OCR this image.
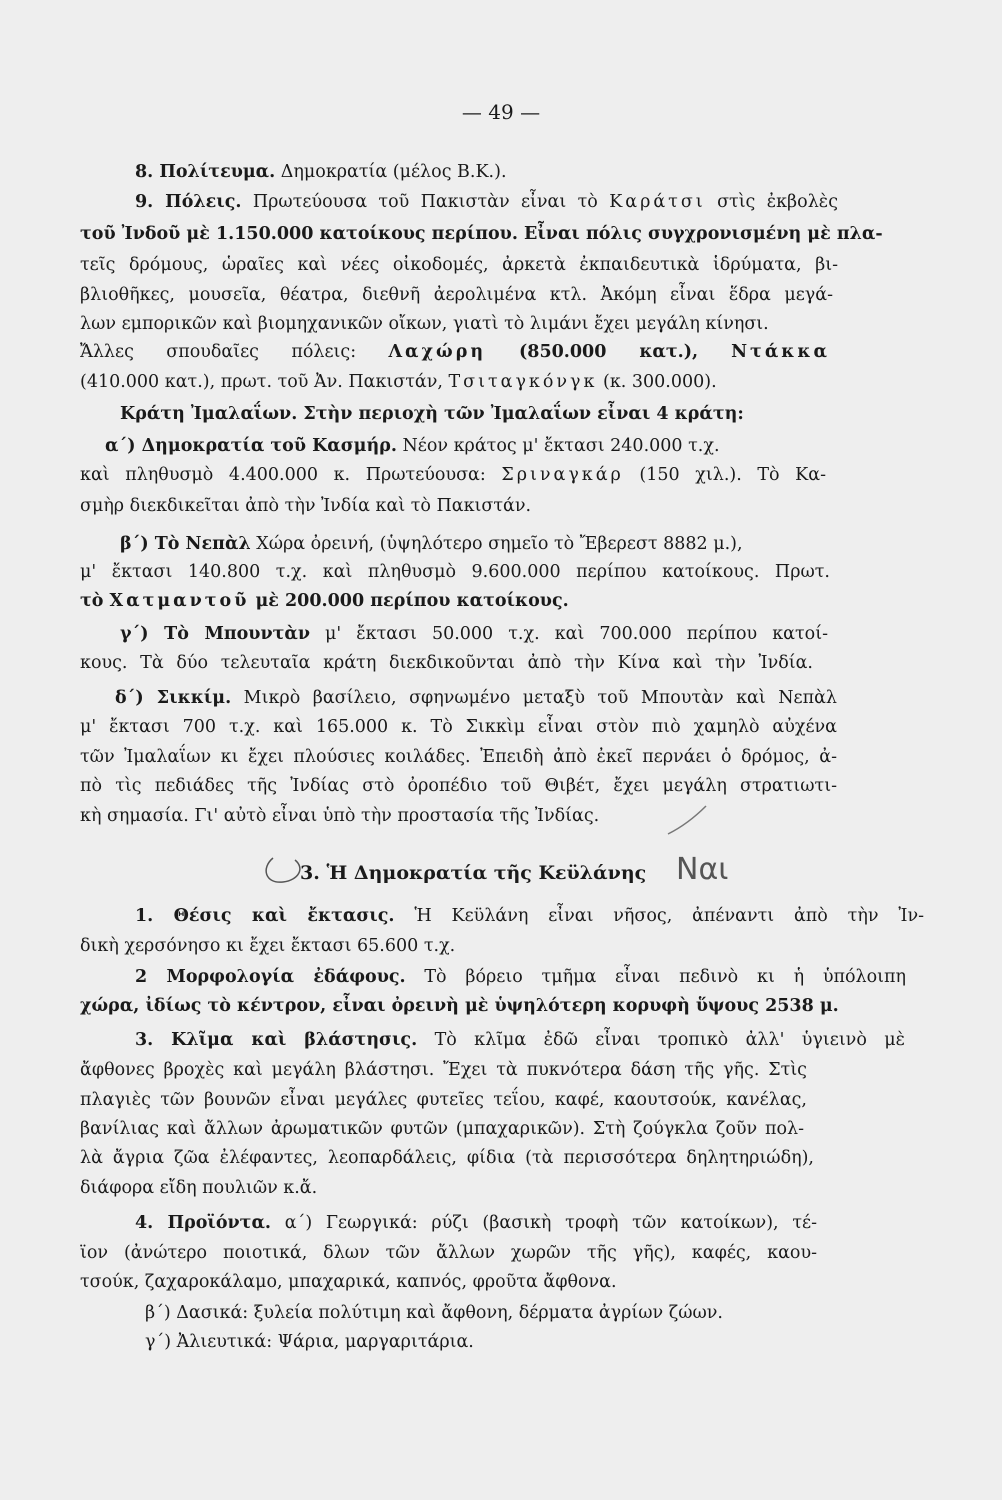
— 49 —
8. Πολίτευμα. Δημοκρατία (μέλος Β.Κ.).
9. Πόλεις. Πρωτεύουσα τοῦ Πακιστὰν εἶναι τὸ Καράτσι στὶς ἐκβολὲς
τοῦ Ἰνδοῦ μὲ 1.150.000 κατοίκους περίπου. Εἶναι πόλις συγχρονισμένη μὲ πλα-
τεῖς δρόμους, ὡραῖες καὶ νέες οἰκοδομές, ἀρκετὰ ἐκπαιδευτικὰ ἱδρύματα, βι-
βλιοθῆκες, μουσεῖα, θέατρα, διεθνῆ ἀερολιμένα κτλ. Ἀκόμη εἶναι ἕδρα μεγά-
λων εμπορικῶν καὶ βιομηχανικῶν οἴκων, γιατὶ τὸ λιμάνι ἔχει μεγάλη κίνησι.
Ἄλλες σπουδαῖες πόλεις: Λαχώρη (850.000 κατ.), Ντάκκα
(410.000 κατ.), πρωτ. τοῦ Ἀν. Πακιστάν, Τσιταγκόνγκ (κ. 300.000).
Κράτη Ἰμαλαΐων. Στὴν περιοχὴ τῶν Ἰμαλαΐων εἶναι 4 κράτη:
α΄) Δημοκρατία τοῦ Κασμήρ. Νέον κράτος μ' ἔκτασι 240.000 τ.χ.
καὶ πληθυσμὸ 4.400.000 κ. Πρωτεύουσα: Σριναγκάρ (150 χιλ.). Τὸ Κα-
σμὴρ διεκδικεῖται ἀπὸ τὴν Ἰνδία καὶ τὸ Πακιστάν.
β΄) Τὸ Νεπὰλ Χώρα ὀρεινή, (ὑψηλότερο σημεῖο τὸ Ἔβερεστ 8882 μ.),
μ' ἔκτασι 140.800 τ.χ. καὶ πληθυσμὸ 9.600.000 περίπου κατοίκους. Πρωτ.
τὸ Χατμαντοῦ μὲ 200.000 περίπου κατοίκους.
γ΄) Τὸ Μπουντὰν μ' ἔκτασι 50.000 τ.χ. καὶ 700.000 περίπου κατοί-
κους. Τὰ δύο τελευταῖα κράτη διεκδικοῦνται ἀπὸ τὴν Κίνα καὶ τὴν Ἰνδία.
δ΄) Σικκίμ. Μικρὸ βασίλειο, σφηνωμένο μεταξὺ τοῦ Μπουτὰν καὶ Νεπὰλ
μ' ἔκτασι 700 τ.χ. καὶ 165.000 κ. Τὸ Σικκὶμ εἶναι στὸν πιὸ χαμηλὸ αὐχένα
τῶν Ἰμαλαΐων κι ἔχει πλούσιες κοιλάδες. Ἐπειδὴ ἀπὸ ἐκεῖ περνάει ὁ δρόμος, ἀ-
πὸ τὶς πεδιάδες τῆς Ἰνδίας στὸ ὀροπέδιο τοῦ Θιβέτ, ἔχει μεγάλη στρατιωτι-
κὴ σημασία. Γι' αὐτὸ εἶναι ὑπὸ τὴν προστασία τῆς Ἰνδίας.
3. Ἡ Δημοκρατία τῆς Κεϋλάνης Ναι
1. Θέσις καὶ ἔκτασις. Ἡ Κεϋλάνη εἶναι νῆσος, ἀπέναντι ἀπὸ τὴν Ἰν-
δικὴ χερσόνησο κι ἔχει ἔκτασι 65.600 τ.χ.
2 Μορφολογία ἐδάφους. Τὸ βόρειο τμῆμα εἶναι πεδινὸ κι ἡ ὑπόλοιπη
χώρα, ἰδίως τὸ κέντρον, εἶναι ὀρεινὴ μὲ ὑψηλότερη κορυφὴ ὕψους 2538 μ.
3. Κλῖμα καὶ βλάστησις. Τὸ κλῖμα ἐδῶ εἶναι τροπικὸ ἀλλ' ὑγιεινὸ μὲ
ἄφθονες βροχὲς καὶ μεγάλη βλάστησι. Ἔχει τὰ πυκνότερα δάση τῆς γῆς. Στὶς
πλαγιὲς τῶν βουνῶν εἶναι μεγάλες φυτεῖες τεΐου, καφέ, καουτσούκ, κανέλας,
βανίλιας καὶ ἄλλων ἀρωματικῶν φυτῶν (μπαχαρικῶν). Στὴ ζούγκλα ζοῦν πολ-
λὰ ἄγρια ζῶα ἐλέφαντες, λεοπαρδάλεις, φίδια (τὰ περισσότερα δηλητηριώδη),
διάφορα εἴδη πουλιῶν κ.ἄ.
4. Προϊόντα. α΄) Γεωργικά: ρύζι (βασικὴ τροφὴ τῶν κατοίκων), τέ-
ϊον (ἀνώτερο ποιοτικά, δλων τῶν ἄλλων χωρῶν τῆς γῆς), καφές, καου-
τσούκ, ζαχαροκάλαμο, μπαχαρικά, καπνός, φροῦτα ἄφθονα.
β΄) Δασικά: ξυλεία πολύτιμη καὶ ἄφθονη, δέρματα ἀγρίων ζώων.
γ΄) Ἀλιευτικά: Ψάρια, μαργαριτάρια.
